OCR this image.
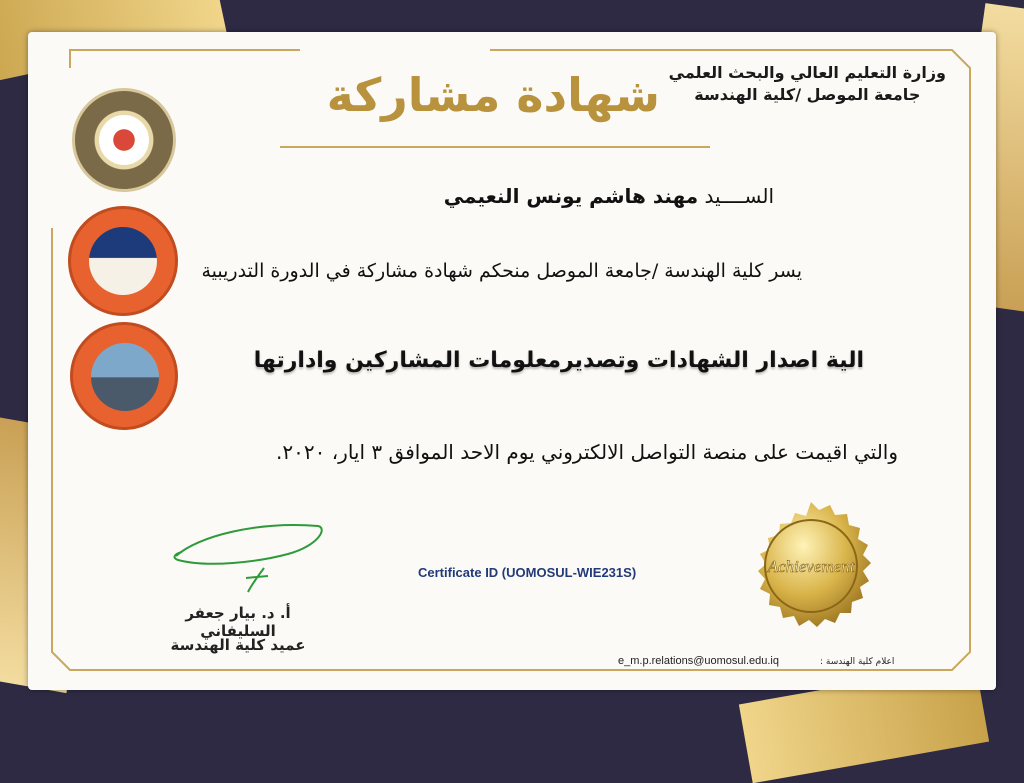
وزارة التعليم العالي والبحث العلمي
جامعة الموصل /كلية الهندسة
شهادة مشاركة
الســــيد مهند هاشم يونس النعيمي
يسر كلية الهندسة /جامعة الموصل منحكم شهادة مشاركة في الدورة التدريبية
الية اصدار الشهادات وتصديرمعلومات المشاركين وادارتها
والتي اقيمت على منصة التواصل الالكتروني يوم الاحد الموافق ٣ ايار، ٢٠٢٠.
أ. د. بيار جعفر السليفاني
عميد كلية الهندسة
Certificate ID (UOMOSUL-WIE231S)	Achievement
اعلام كلية الهندسة :
e_m.p.relations@uomosul.edu.iq
